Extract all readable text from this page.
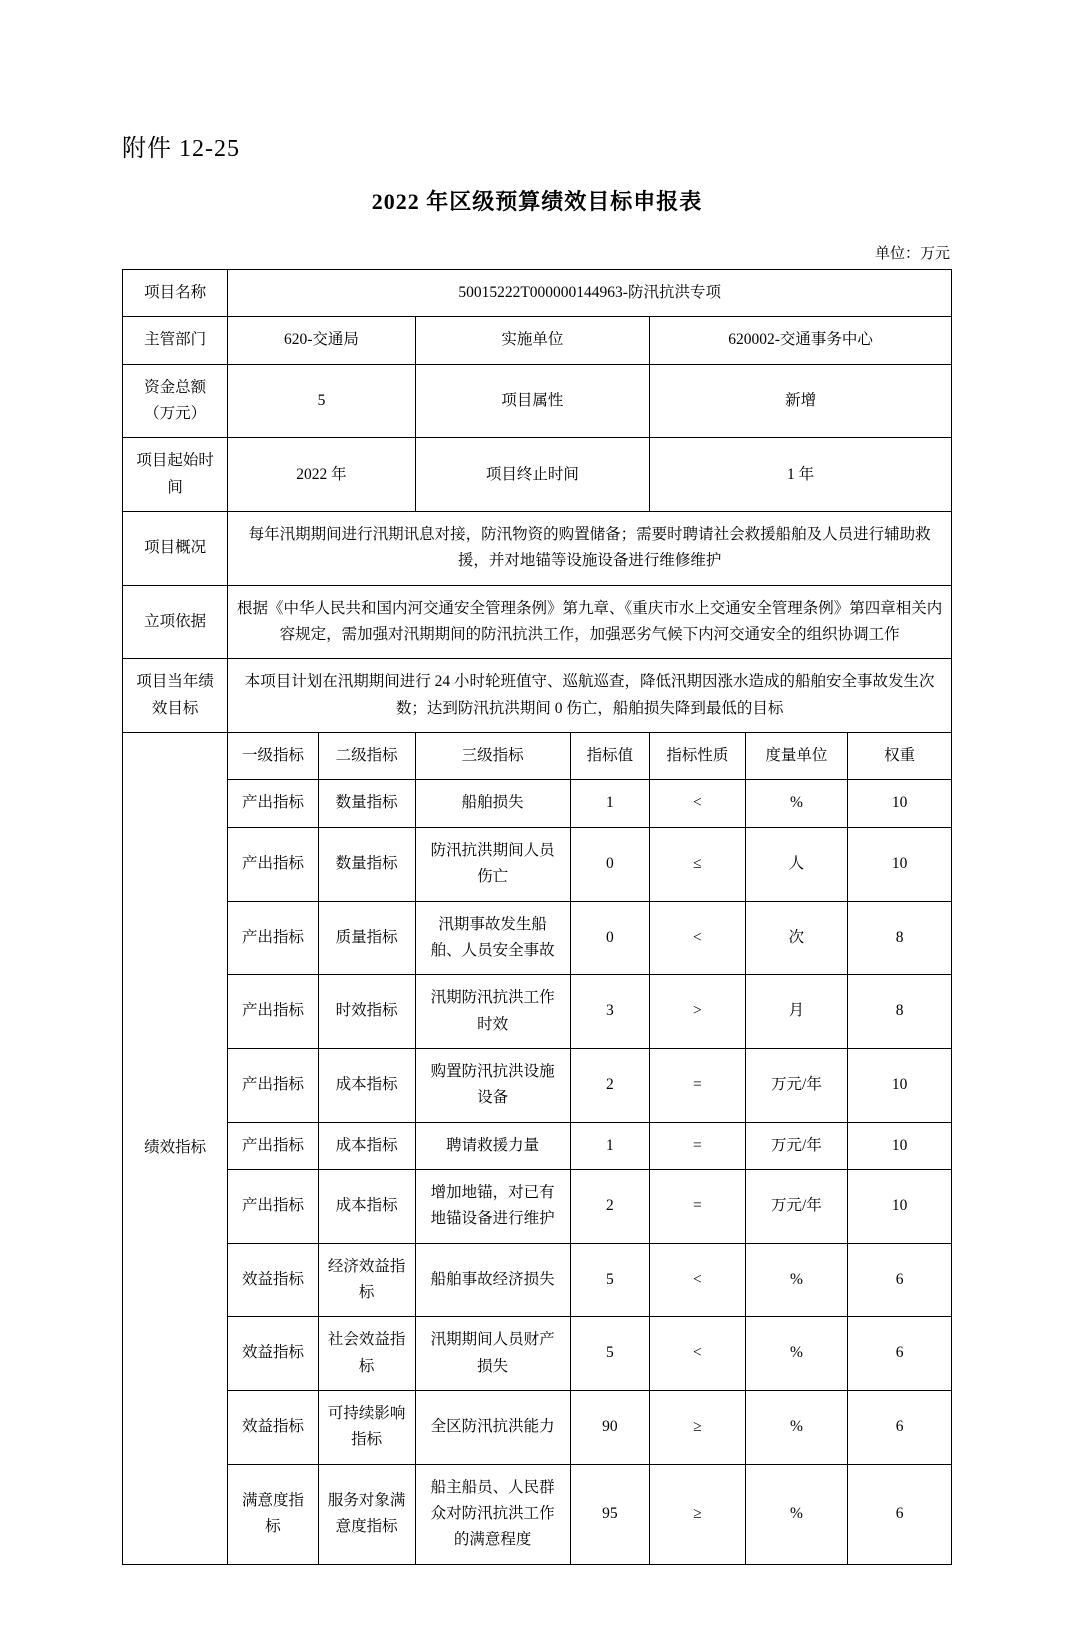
附件 12-25
2022 年区级预算绩效目标申报表
单位：万元
项目名称	50015222T000000144963-防汛抗洪专项						
主管部门	620-交通局		实施单位		620002-交通事务中心		
资金总额（万元）	5		项目属性		新增		
项目起始时间	2022 年		项目终止时间		1 年		
项目概况	每年汛期期间进行汛期讯息对接，防汛物资的购置储备；需要时聘请社会救援船舶及人员进行辅助救援，并对地锚等设施设备进行维修维护						
立项依据	根据《中华人民共和国内河交通安全管理条例》第九章、《重庆市水上交通安全管理条例》第四章相关内容规定，需加强对汛期期间的防汛抗洪工作，加强恶劣气候下内河交通安全的组织协调工作						
项目当年绩效目标	本项目计划在汛期期间进行 24 小时轮班值守、巡航巡查，降低汛期因涨水造成的船舶安全事故发生次数；达到防汛抗洪期间 0 伤亡，船舶损失降到最低的目标						
绩效指标	一级指标	二级指标	三级指标	指标值	指标性质	度量单位	权重
	产出指标	数量指标	船舶损失	1	<	%	10
	产出指标	数量指标	防汛抗洪期间人员伤亡	0	≤	人	10
	产出指标	质量指标	汛期事故发生船舶、人员安全事故	0	<	次	8
	产出指标	时效指标	汛期防汛抗洪工作时效	3	>	月	8
	产出指标	成本指标	购置防汛抗洪设施设备	2	=	万元/年	10
	产出指标	成本指标	聘请救援力量	1	=	万元/年	10
	产出指标	成本指标	增加地锚，对已有地锚设备进行维护	2	=	万元/年	10
	效益指标	经济效益指标	船舶事故经济损失	5	<	%	6
	效益指标	社会效益指标	汛期期间人员财产损失	5	<	%	6
	效益指标	可持续影响指标	全区防汛抗洪能力	90	≥	%	6
	满意度指标	服务对象满意度指标	船主船员、人民群众对防汛抗洪工作的满意程度	95	≥	%	6
